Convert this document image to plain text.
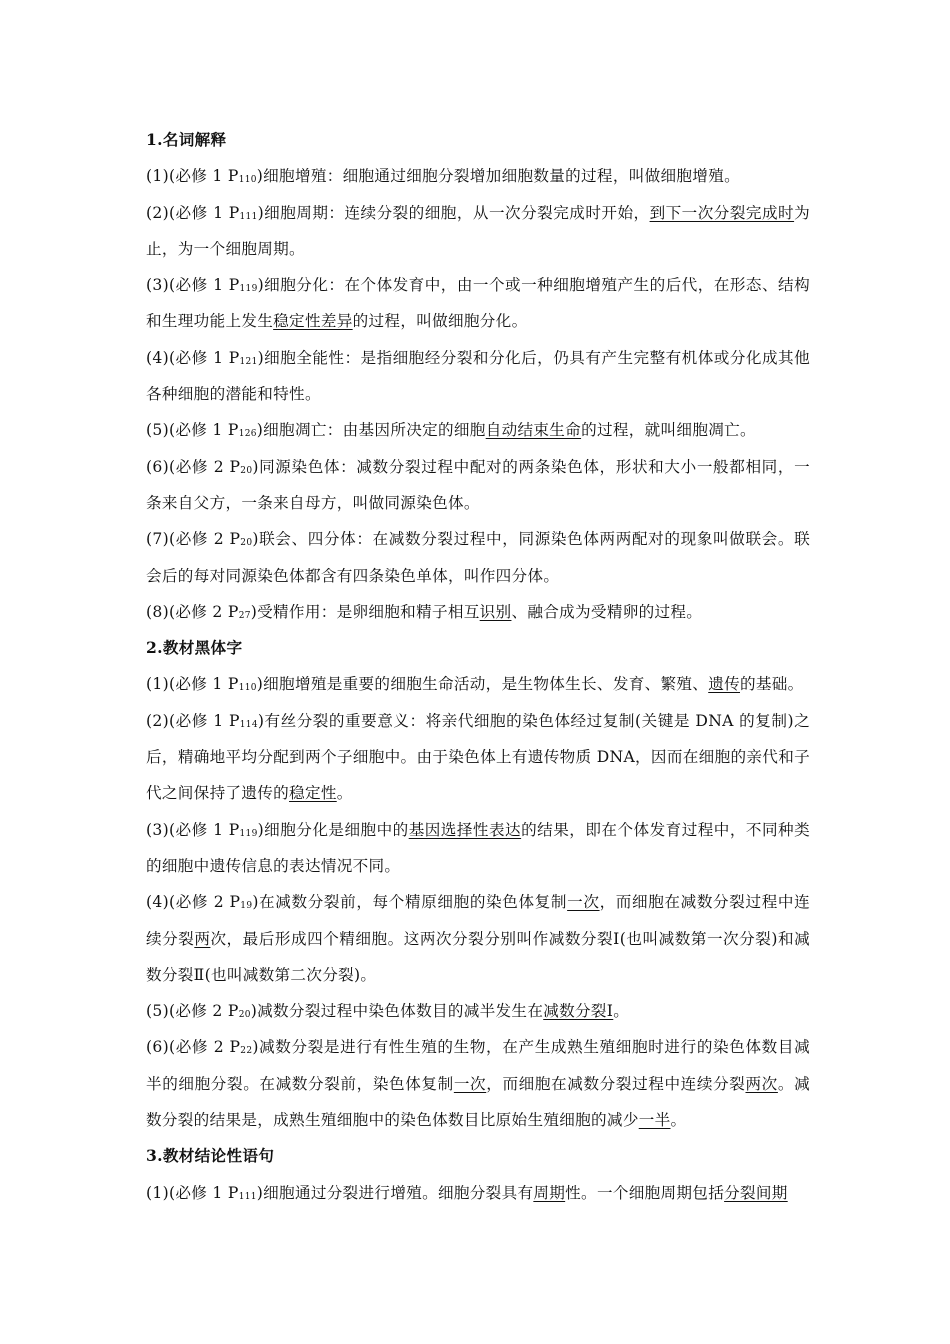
1.名词解释

(1)(必修 1 $P_{110}$)细胞增殖：细胞通过细胞分裂增加细胞数量的过程，叫做细胞增殖。

(2)(必修 1 $P_{111}$)细胞周期：连续分裂的细胞，从一次分裂完成时开始，到下一次分裂完成时为止，为一个细胞周期。

(3)(必修 1 $P_{119}$)细胞分化：在个体发育中，由一个或一种细胞增殖产生的后代，在形态、结构和生理功能上发生稳定性差异的过程，叫做细胞分化。

(4)(必修 1 $P_{121}$)细胞全能性：是指细胞经分裂和分化后，仍具有产生完整有机体或分化成其他各种细胞的潜能和特性。

(5)(必修 1 $P_{126}$)细胞凋亡：由基因所决定的细胞自动结束生命的过程，就叫细胞凋亡。

(6)(必修 2 $P_{20}$)同源染色体：减数分裂过程中配对的两条染色体，形状和大小一般都相同，一条来自父方，一条来自母方，叫做同源染色体。

(7)(必修 2 $P_{20}$)联会、四分体：在减数分裂过程中，同源染色体两两配对的现象叫做联会。联会后的每对同源染色体都含有四条染色单体，叫作四分体。

(8)(必修 2 $P_{27}$)受精作用：是卵细胞和精子相互识别、融合成为受精卵的过程。

2.教材黑体字

(1)(必修 1 $P_{110}$)细胞增殖是重要的细胞生命活动，是生物体生长、发育、繁殖、遗传的基础。

(2)(必修 1 $P_{114}$)有丝分裂的重要意义：将亲代细胞的染色体经过复制(关键是 DNA 的复制)之后，精确地平均分配到两个子细胞中。由于染色体上有遗传物质 DNA，因而在细胞的亲代和子代之间保持了遗传的稳定性。

(3)(必修 1 $P_{119}$)细胞分化是细胞中的基因选择性表达的结果，即在个体发育过程中，不同种类的细胞中遗传信息的表达情况不同。

(4)(必修 2 $P_{19}$)在减数分裂前，每个精原细胞的染色体复制一次，而细胞在减数分裂过程中连续分裂两次，最后形成四个精细胞。这两次分裂分别叫作减数分裂Ⅰ(也叫减数第一次分裂)和减数分裂Ⅱ(也叫减数第二次分裂)。

(5)(必修 2 $P_{20}$)减数分裂过程中染色体数目的减半发生在减数分裂Ⅰ。

(6)(必修 2 $P_{22}$)减数分裂是进行有性生殖的生物，在产生成熟生殖细胞时进行的染色体数目减半的细胞分裂。在减数分裂前，染色体复制一次，而细胞在减数分裂过程中连续分裂两次。减数分裂的结果是，成熟生殖细胞中的染色体数目比原始生殖细胞的减少一半。

3.教材结论性语句

(1)(必修 1 $P_{111}$)细胞通过分裂进行增殖。细胞分裂具有周期性。一个细胞周期包括分裂间期
